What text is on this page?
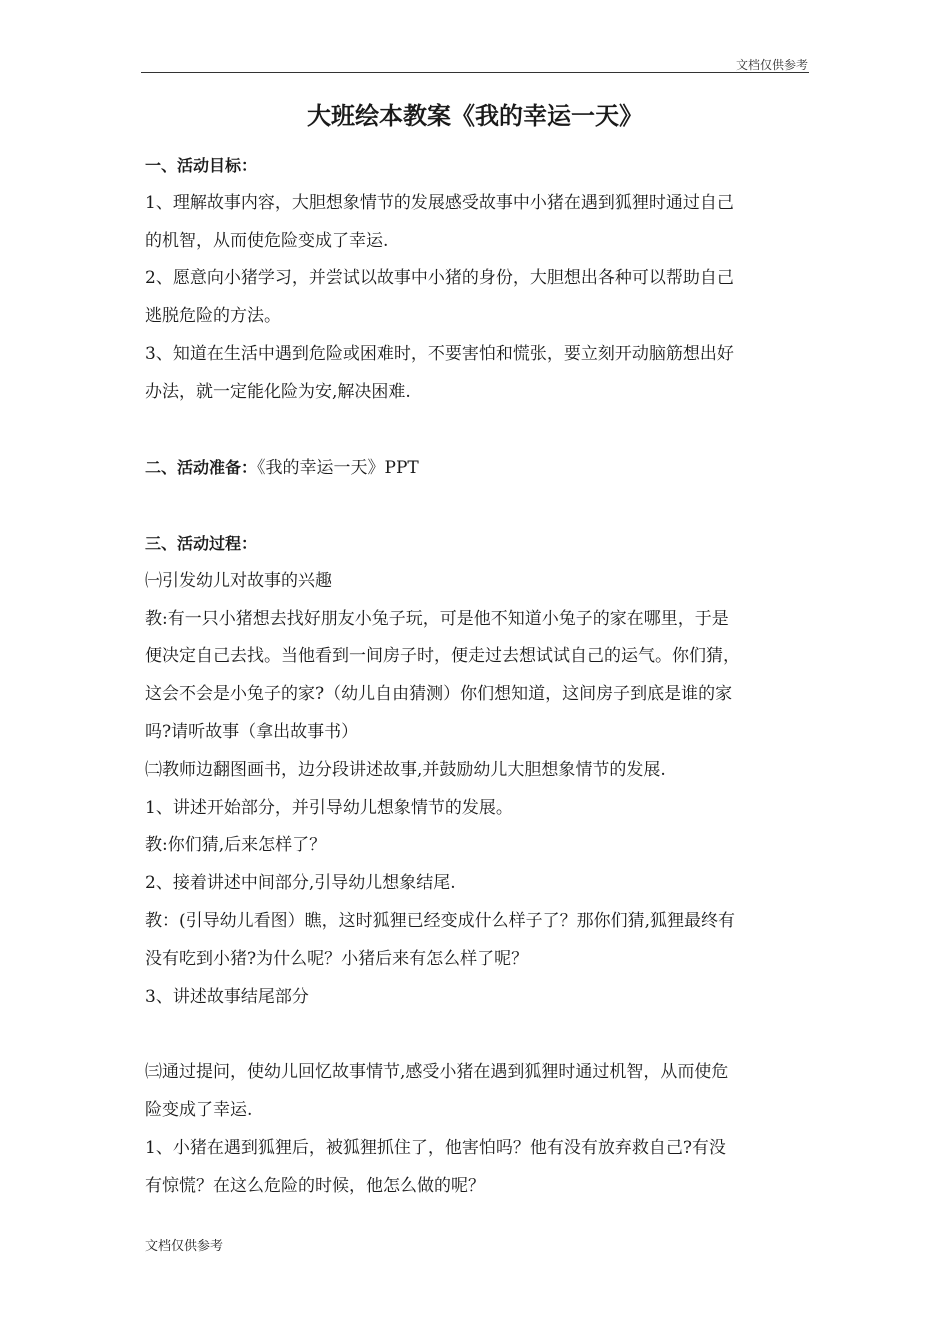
文档仅供参考
大班绘本教案《我的幸运一天》
一、活动目标：
1、理解故事内容，大胆想象情节的发展感受故事中小猪在遇到狐狸时通过自己
的机智，从而使危险变成了幸运.
2、愿意向小猪学习，并尝试以故事中小猪的身份，大胆想出各种可以帮助自己
逃脱危险的方法。
3、知道在生活中遇到危险或困难时，不要害怕和慌张，要立刻开动脑筋想出好
办法，就一定能化险为安,解决困难.
二、活动准备：《我的幸运一天》PPT
三、活动过程：
㈠引发幼儿对故事的兴趣
教:有一只小猪想去找好朋友小兔子玩，可是他不知道小兔子的家在哪里，于是
便决定自己去找。当他看到一间房子时，便走过去想试试自己的运气。你们猜，
这会不会是小兔子的家?（幼儿自由猜测）你们想知道，这间房子到底是谁的家
吗?请听故事（拿出故事书）
㈡教师边翻图画书，边分段讲述故事,并鼓励幼儿大胆想象情节的发展.
1、讲述开始部分，并引导幼儿想象情节的发展。
教:你们猜,后来怎样了？
2、接着讲述中间部分,引导幼儿想象结尾.
教：(引导幼儿看图）瞧，这时狐狸已经变成什么样子了？那你们猜,狐狸最终有
没有吃到小猪?为什么呢？小猪后来有怎么样了呢？
3、讲述故事结尾部分
㈢通过提问，使幼儿回忆故事情节,感受小猪在遇到狐狸时通过机智，从而使危
险变成了幸运.
1、小猪在遇到狐狸后，被狐狸抓住了，他害怕吗？他有没有放弃救自己?有没
有惊慌？在这么危险的时候，他怎么做的呢？
文档仅供参考
